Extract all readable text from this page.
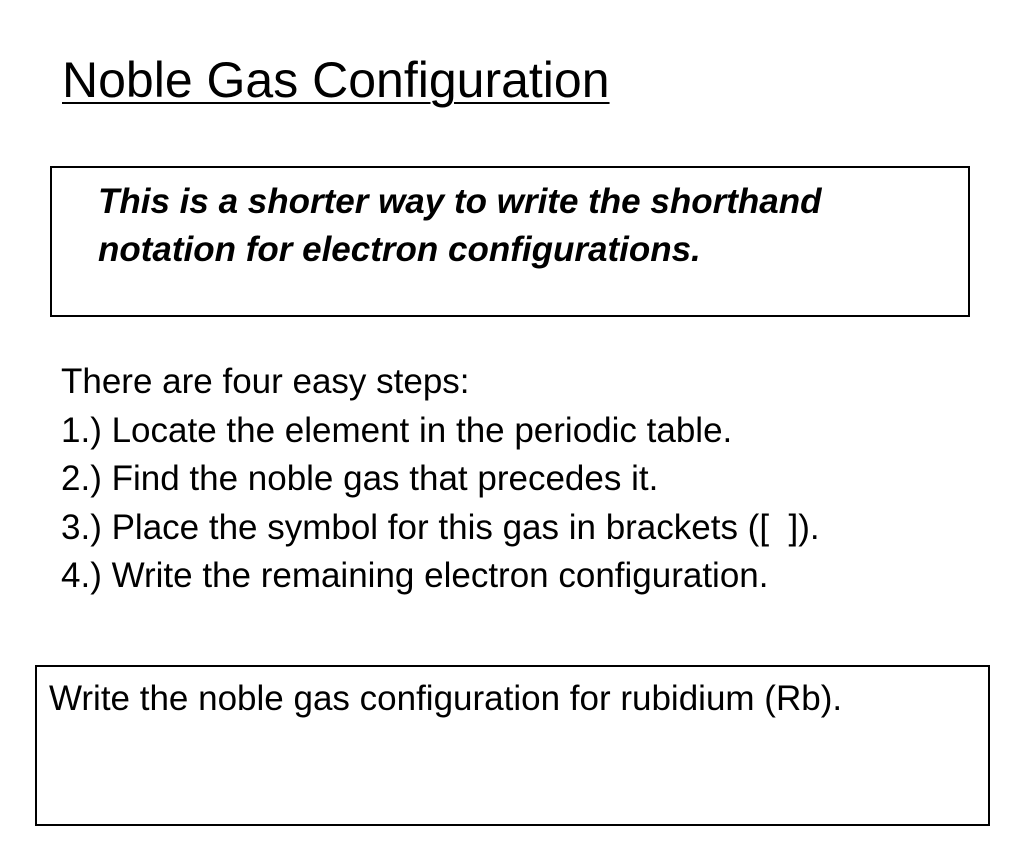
Noble Gas Configuration
This is a shorter way to write the shorthand notation for electron configurations.
There are four easy steps:
1.) Locate the element in the periodic table.
2.) Find the noble gas that precedes it.
3.) Place the symbol for this gas in brackets ([  ]).
4.) Write the remaining electron configuration.
Write the noble gas configuration for rubidium (Rb).
